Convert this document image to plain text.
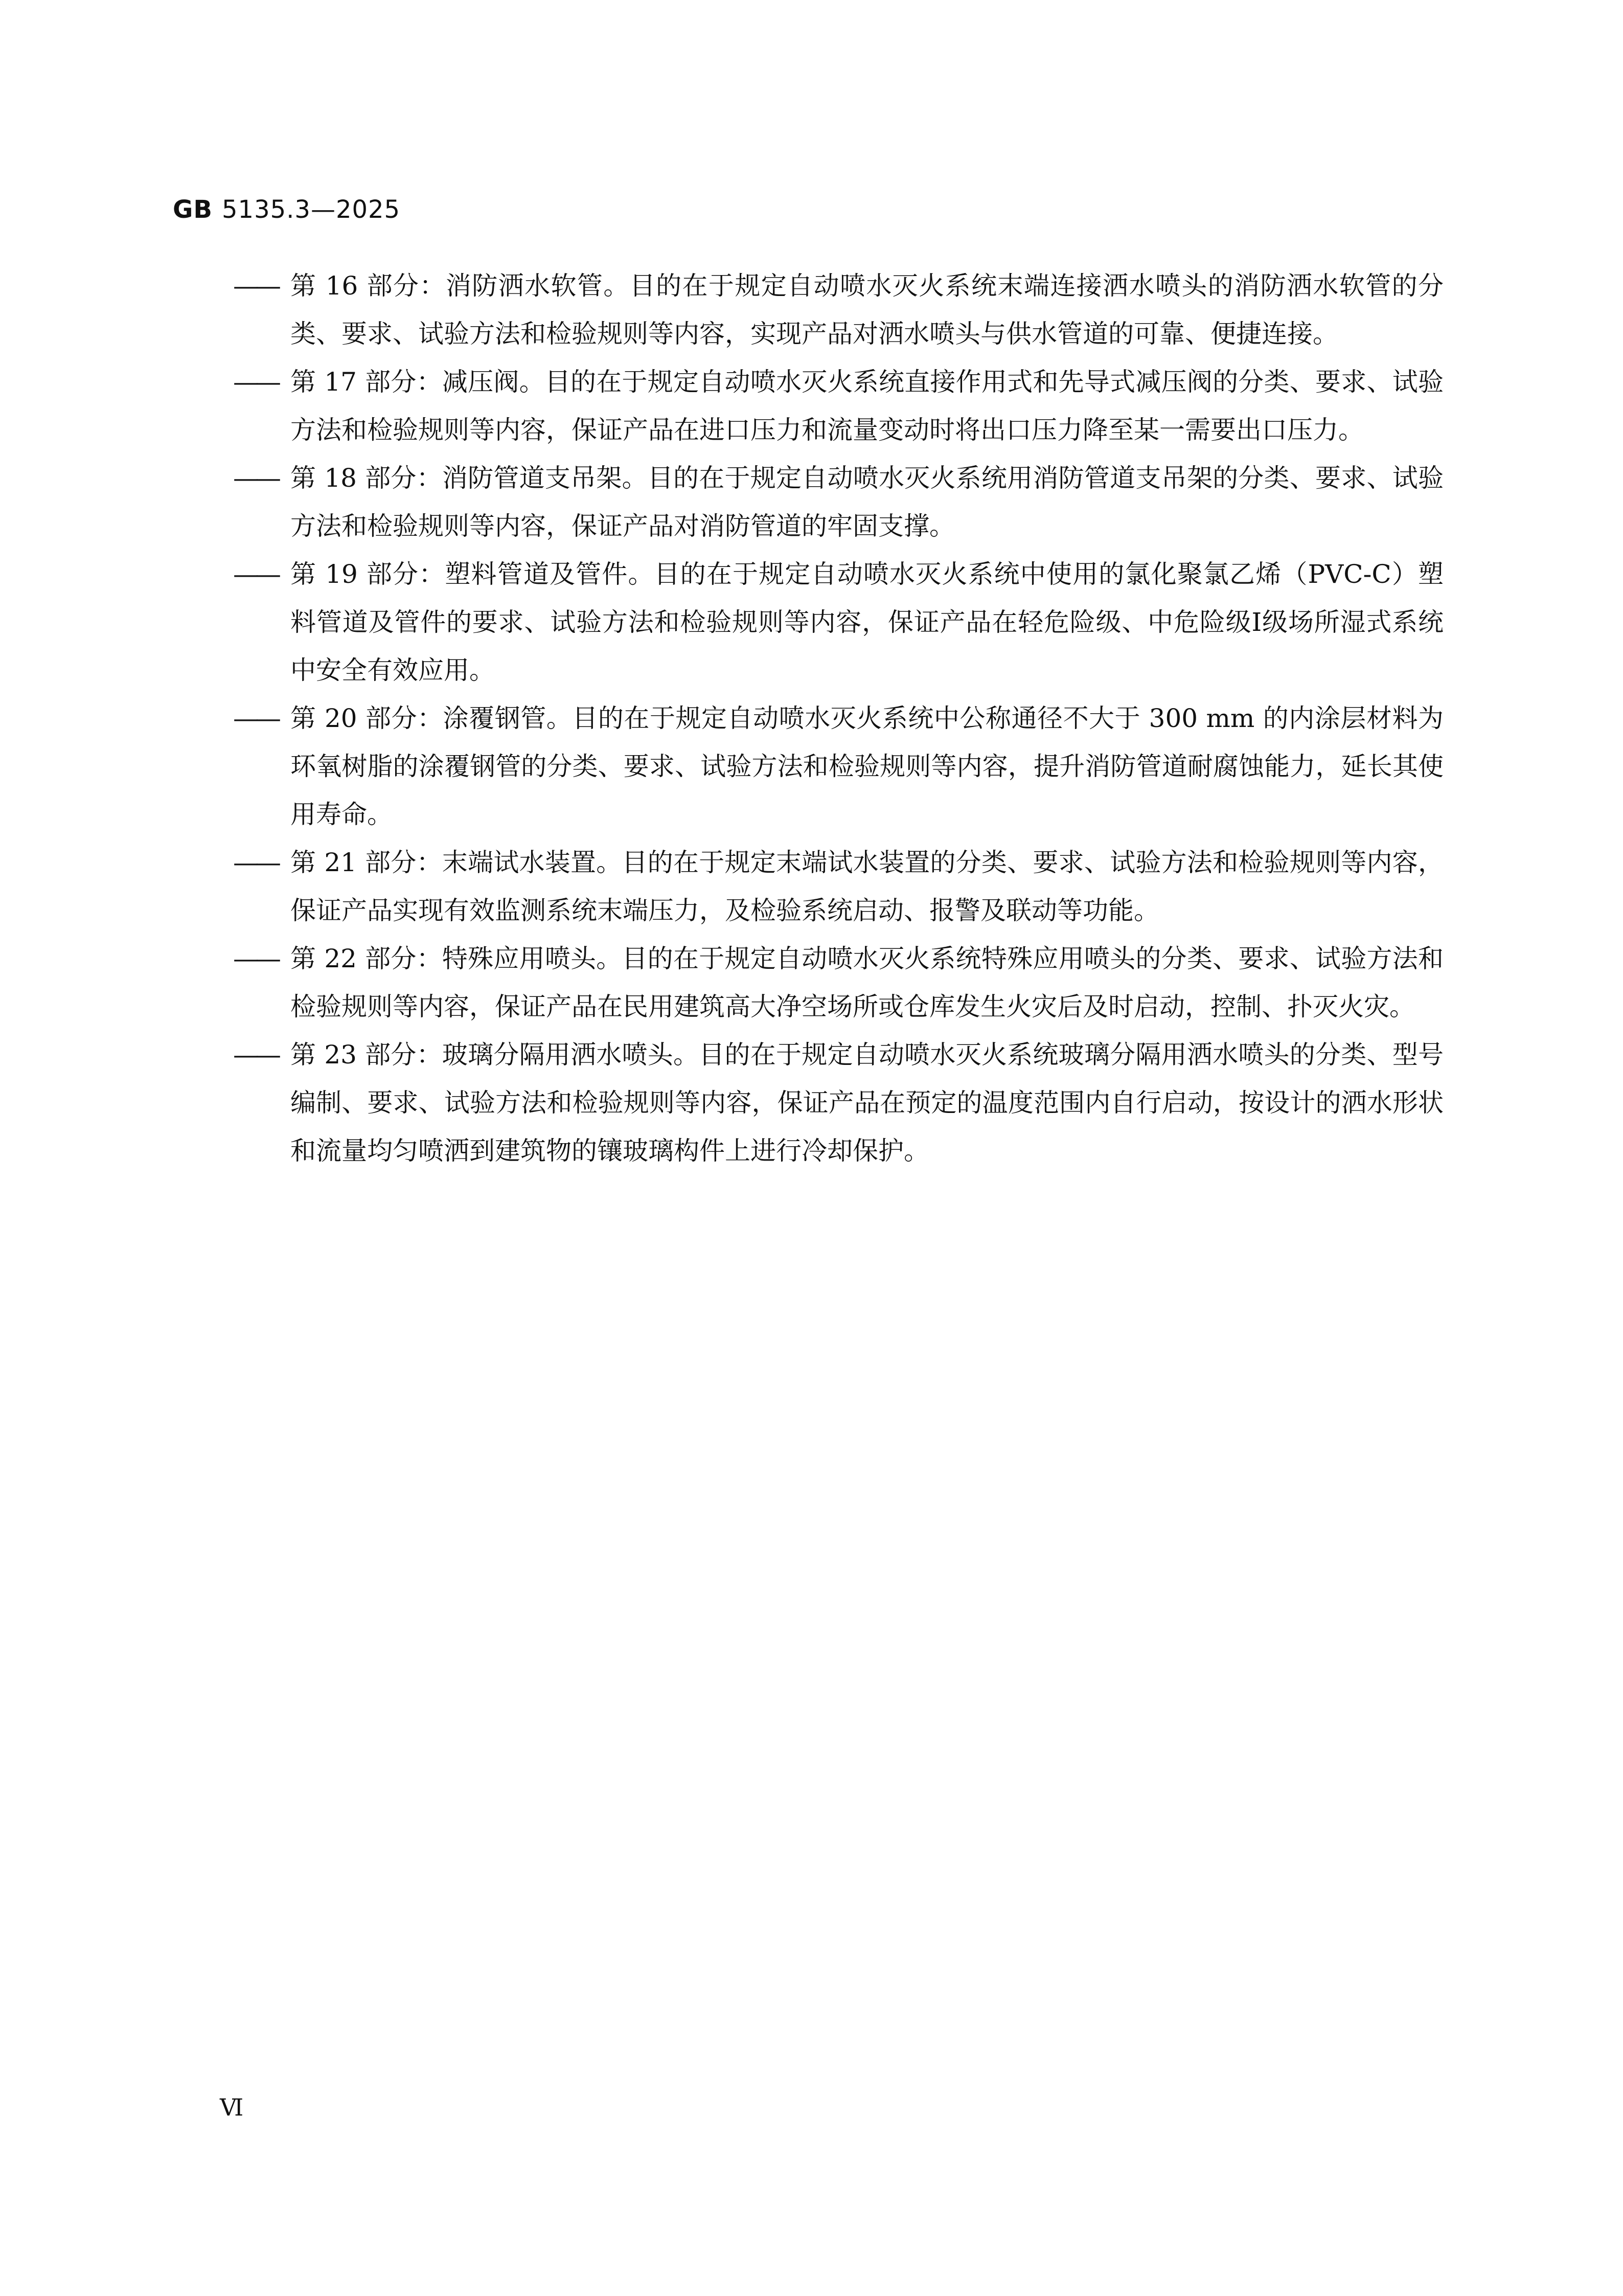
GB 5135.3—2025
—— 第 16 部分：消防洒水软管。目的在于规定自动喷水灭火系统末端连接洒水喷头的消防洒水软管的分类、要求、试验方法和检验规则等内容，实现产品对洒水喷头与供水管道的可靠、便捷连接。
—— 第 17 部分：减压阀。目的在于规定自动喷水灭火系统直接作用式和先导式减压阀的分类、要求、试验方法和检验规则等内容，保证产品在进口压力和流量变动时将出口压力降至某一需要出口压力。
—— 第 18 部分：消防管道支吊架。目的在于规定自动喷水灭火系统用消防管道支吊架的分类、要求、试验方法和检验规则等内容，保证产品对消防管道的牢固支撑。
—— 第 19 部分：塑料管道及管件。目的在于规定自动喷水灭火系统中使用的氯化聚氯乙烯（PVC-C）塑料管道及管件的要求、试验方法和检验规则等内容，保证产品在轻危险级、中危险级Ⅰ级场所湿式系统中安全有效应用。
—— 第 20 部分：涂覆钢管。目的在于规定自动喷水灭火系统中公称通径不大于 300 mm 的内涂层材料为环氧树脂的涂覆钢管的分类、要求、试验方法和检验规则等内容，提升消防管道耐腐蚀能力，延长其使用寿命。
—— 第 21 部分：末端试水装置。目的在于规定末端试水装置的分类、要求、试验方法和检验规则等内容，保证产品实现有效监测系统末端压力，及检验系统启动、报警及联动等功能。
—— 第 22 部分：特殊应用喷头。目的在于规定自动喷水灭火系统特殊应用喷头的分类、要求、试验方法和检验规则等内容，保证产品在民用建筑高大净空场所或仓库发生火灾后及时启动，控制、扑灭火灾。
—— 第 23 部分：玻璃分隔用洒水喷头。目的在于规定自动喷水灭火系统玻璃分隔用洒水喷头的分类、型号编制、要求、试验方法和检验规则等内容，保证产品在预定的温度范围内自行启动，按设计的洒水形状和流量均匀喷洒到建筑物的镶玻璃构件上进行冷却保护。
Ⅵ
